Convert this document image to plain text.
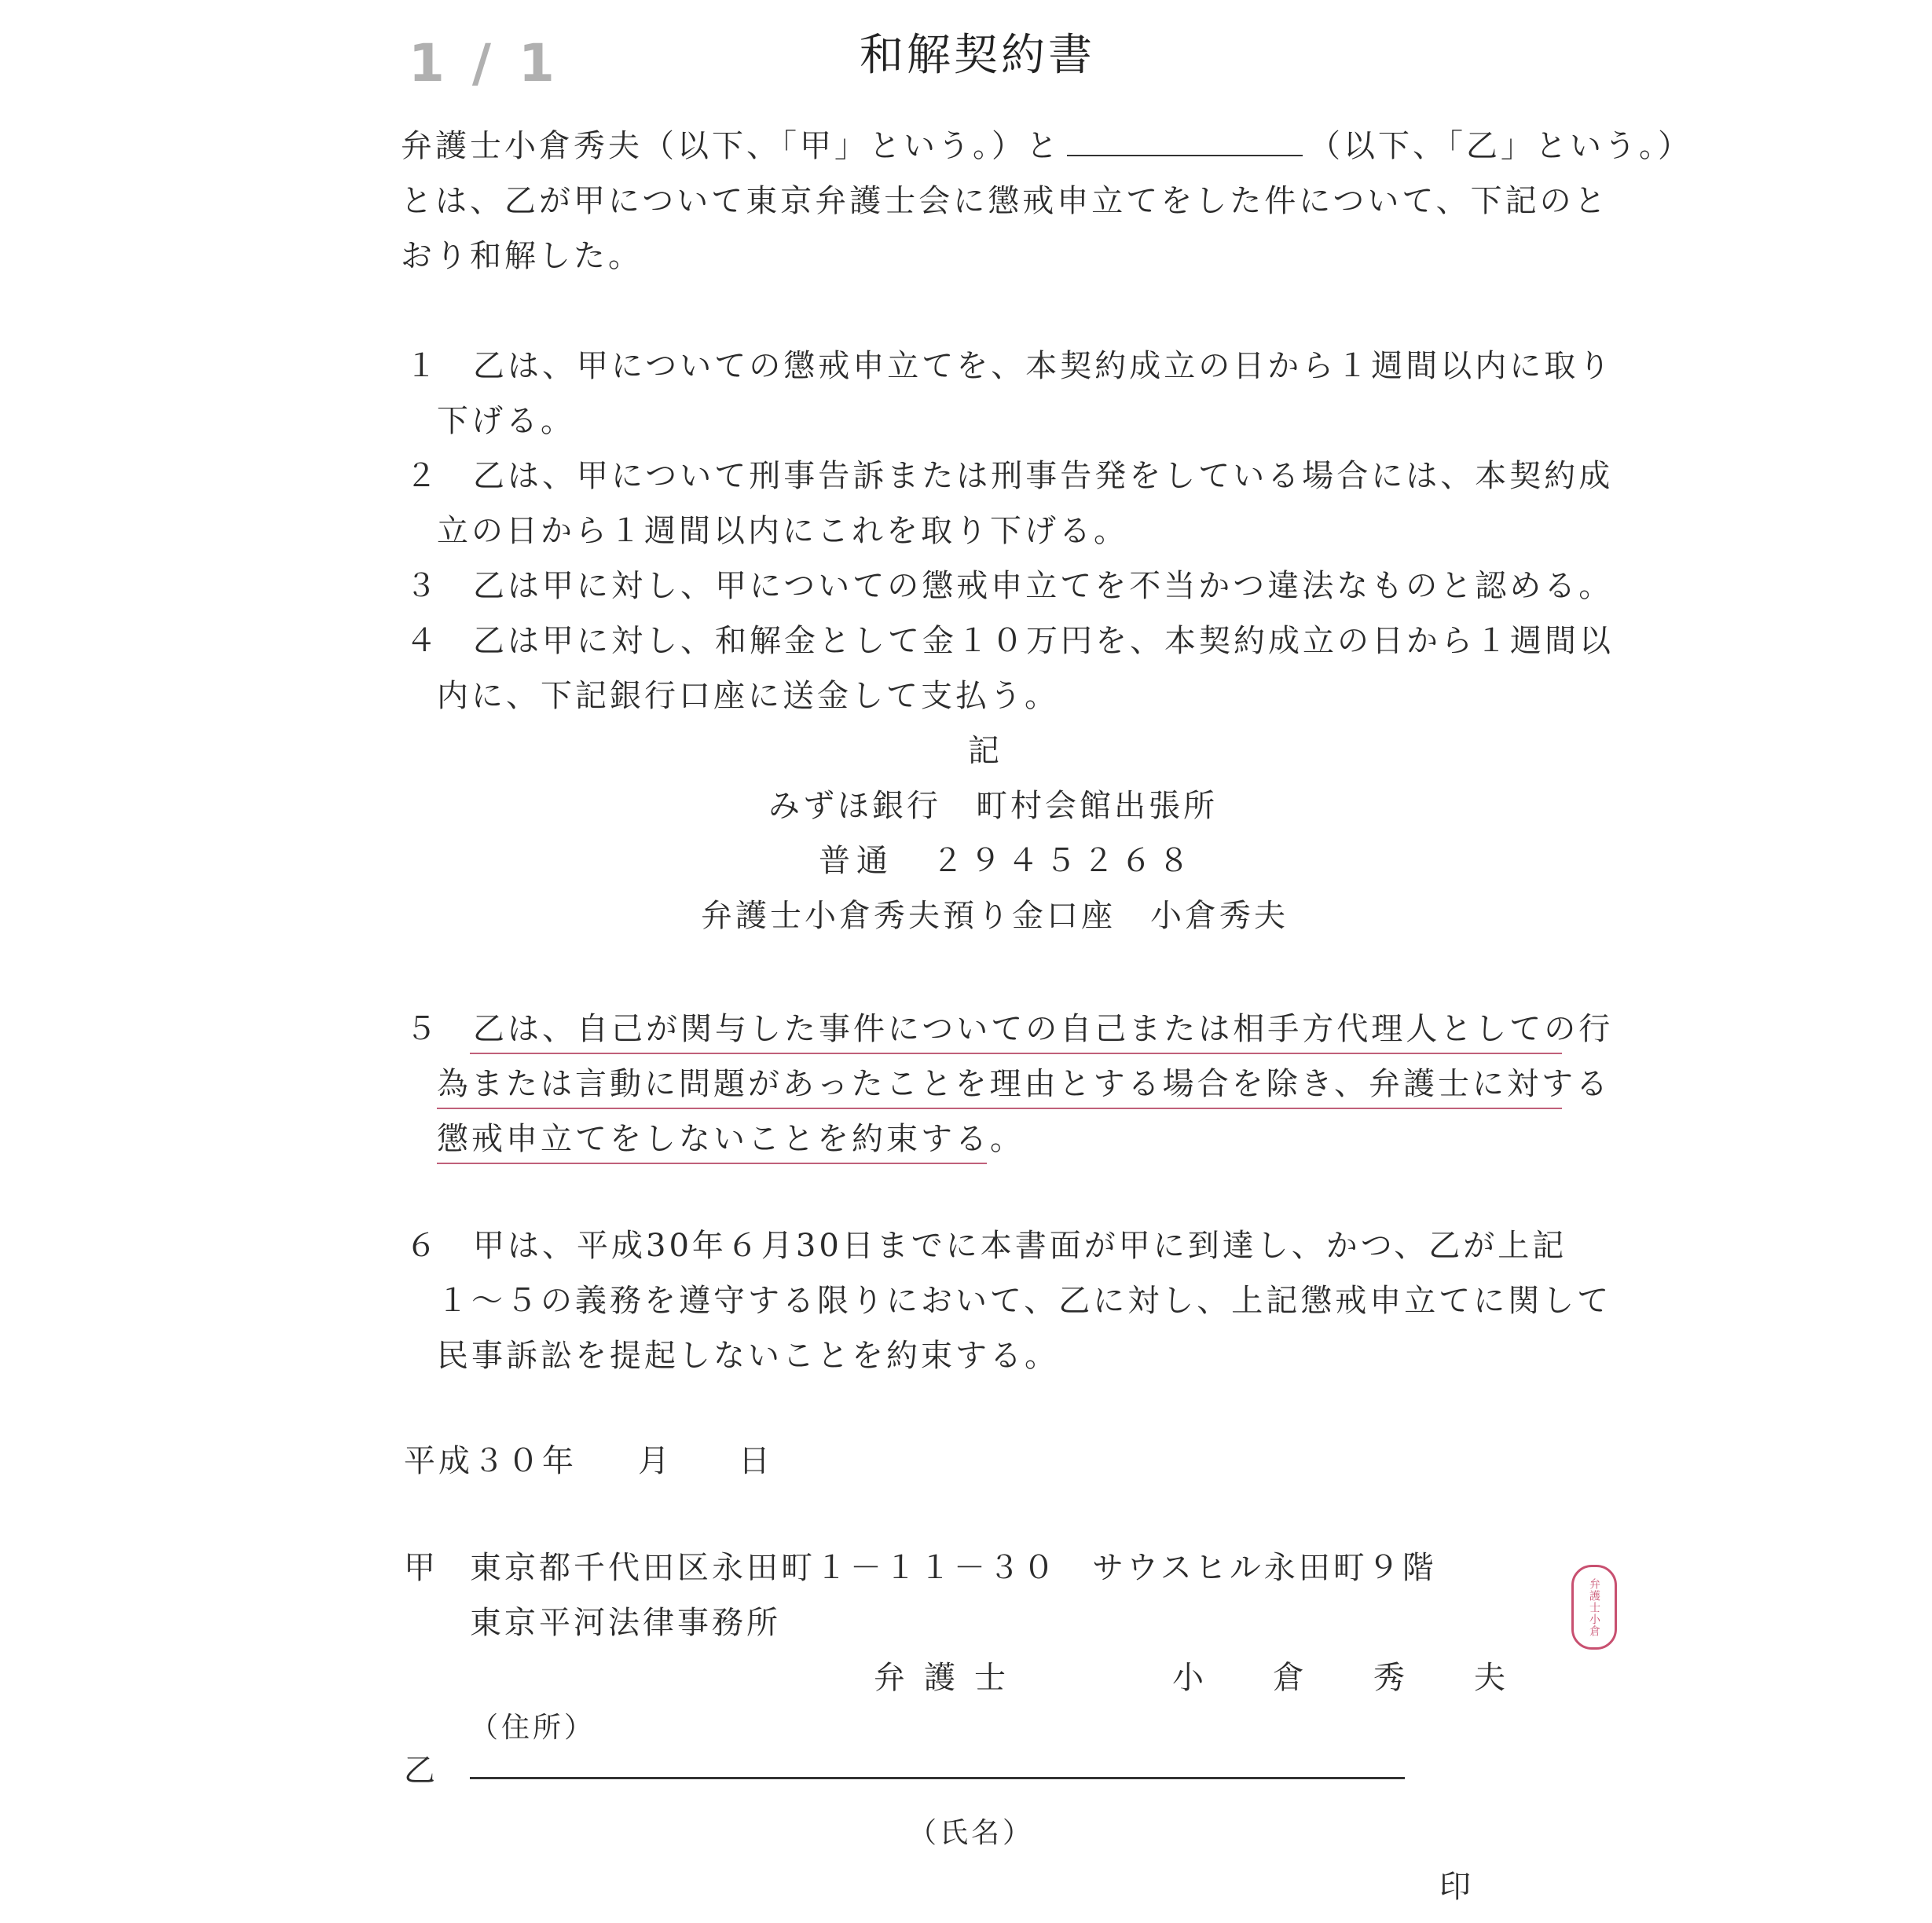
1 / 1	和解契約書
弁護士小倉秀夫（以下、「甲」という。）と	（以下、「乙」という。）
とは、乙が甲について東京弁護士会に懲戒申立てをした件について、下記のと
おり和解した。
１ 乙は、甲についての懲戒申立てを、本契約成立の日から１週間以内に取り
下げる。
２ 乙は、甲について刑事告訴または刑事告発をしている場合には、本契約成
立の日から１週間以内にこれを取り下げる。
３ 乙は甲に対し、甲についての懲戒申立てを不当かつ違法なものと認める。
４ 乙は甲に対し、和解金として金１０万円を、本契約成立の日から１週間以
内に、下記銀行口座に送金して支払う。
記
みずほ銀行　町村会館出張所
普通　２９４５２６８
弁護士小倉秀夫預り金口座　小倉秀夫
５ 乙は、自己が関与した事件についての自己または相手方代理人としての行
為または言動に問題があったことを理由とする場合を除き、弁護士に対する
懲戒申立てをしないことを約束する。
６ 甲は、平成30年６月30日までに本書面が甲に到達し、かつ、乙が上記
１～５の義務を遵守する限りにおいて、乙に対し、上記懲戒申立てに関して
民事訴訟を提起しないことを約束する。
平成３０年 月 日
甲 東京都千代田区永田町１－１１－３０　サウスヒル永田町９階
東京平河法律事務所
弁護士	小倉秀夫
弁護士小倉
（住所）
乙
（氏名）
印
